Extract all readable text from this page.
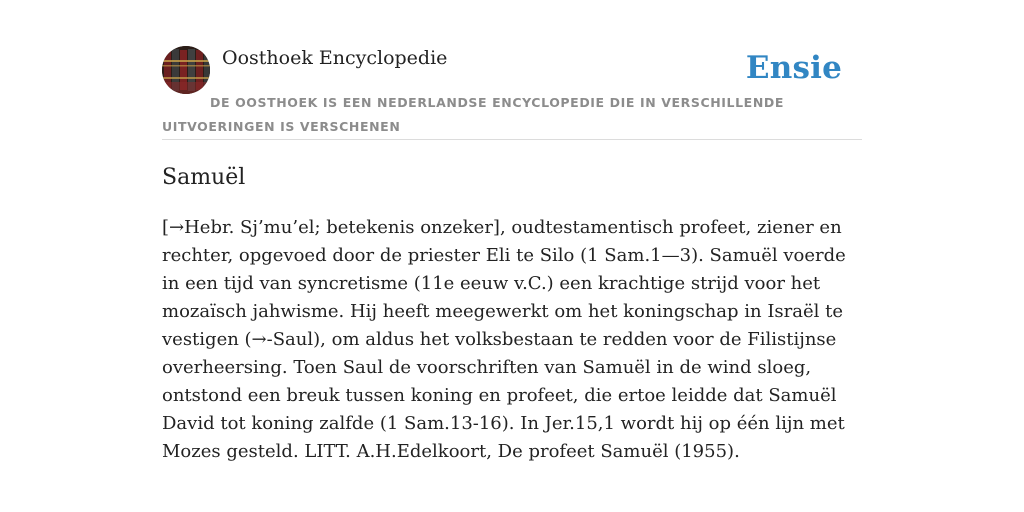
Oosthoek Encyclopedie	Ensie
DE OOSTHOEK IS EEN NEDERLANDSE ENCYCLOPEDIE DIE IN VERSCHILLENDE UITVOERINGEN IS VERSCHENEN
Samuël

[→Hebr. Sj’mu’el; betekenis onzeker], oudtestamentisch profeet, ziener en rechter, opgevoed door de priester Eli te Silo (1 Sam.1—3). Samuël voerde in een tijd van syncretisme (11e eeuw v.C.) een krachtige strijd voor het mozaïsch jahwisme. Hij heeft meegewerkt om het koningschap in Israël te vestigen (→-Saul), om aldus het volksbestaan te redden voor de Filistijnse overheersing. Toen Saul de voorschriften van Samuël in de wind sloeg, ontstond een breuk tussen koning en profeet, die ertoe leidde dat Samuël David tot koning zalfde (1 Sam.13-16). In Jer.15,1 wordt hij op één lijn met Mozes gesteld. LITT. A.H.Edelkoort, De profeet Samuël (1955).
